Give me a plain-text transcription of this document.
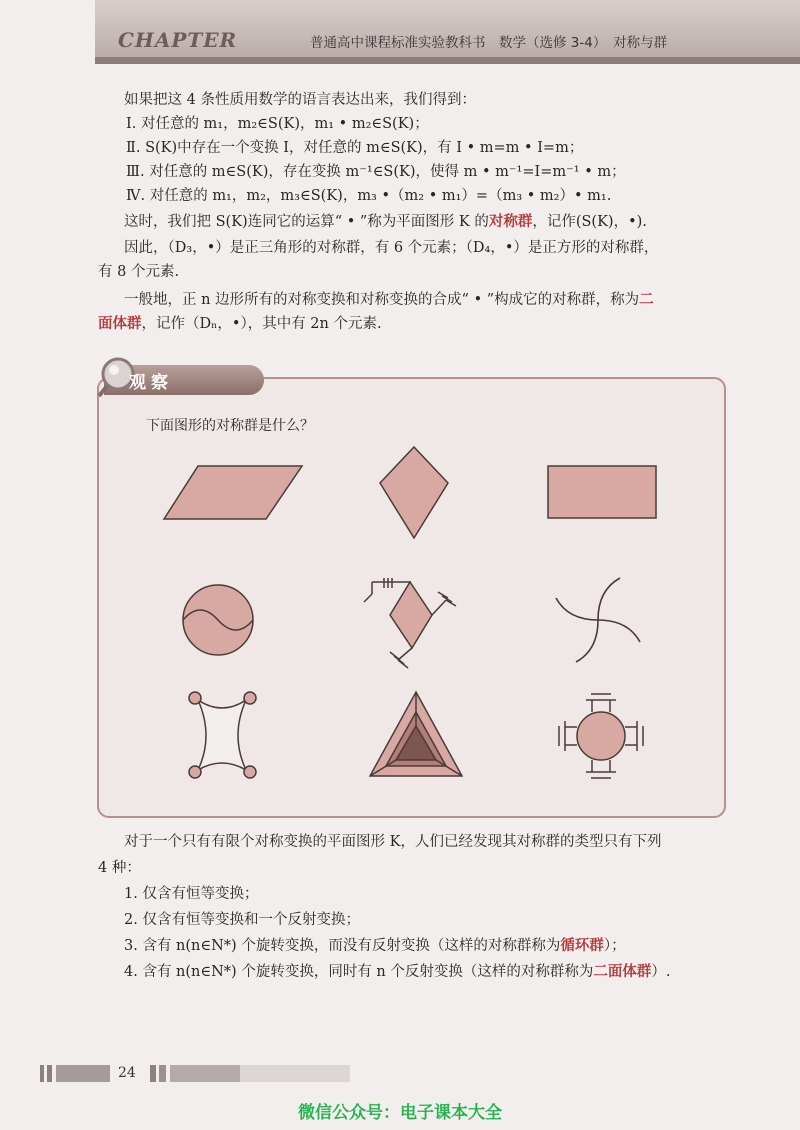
CHAPTER	普通高中课程标准实验教科书　数学（选修 3-4）　对称与群
如果把这 4 条性质用数学的语言表达出来，我们得到：
Ⅰ. 对任意的 m₁，m₂∈S(K)，m₁ • m₂∈S(K)；
Ⅱ. S(K)中存在一个变换 I，对任意的 m∈S(K)，有 I • m=m • I=m；
Ⅲ. 对任意的 m∈S(K)，存在变换 m⁻¹∈S(K)，使得 m • m⁻¹=I=m⁻¹ • m；
Ⅳ. 对任意的 m₁，m₂，m₃∈S(K)，m₃ •（m₂ • m₁）=（m₃ • m₂）• m₁.
这时，我们把 S(K)连同它的运算“ • ”称为平面图形 K 的对称群，记作(S(K)，•).
因此，（D₃，•）是正三角形的对称群，有 6 个元素；（D₄，•）是正方形的对称群，
有 8 个元素.
一般地，正 n 边形所有的对称变换和对称变换的合成“ • ”构成它的对称群，称为二
面体群，记作（Dₙ，•），其中有 2n 个元素.
观察
下面图形的对称群是什么？
对于一个只有有限个对称变换的平面图形 K，人们已经发现其对称群的类型只有下列
4 种：
1. 仅含有恒等变换；
2. 仅含有恒等变换和一个反射变换；
3. 含有 n(n∈N*) 个旋转变换，而没有反射变换（这样的对称群称为循环群）；
4. 含有 n(n∈N*) 个旋转变换，同时有 n 个反射变换（这样的对称群称为二面体群）.
24
微信公众号：电子课本大全
